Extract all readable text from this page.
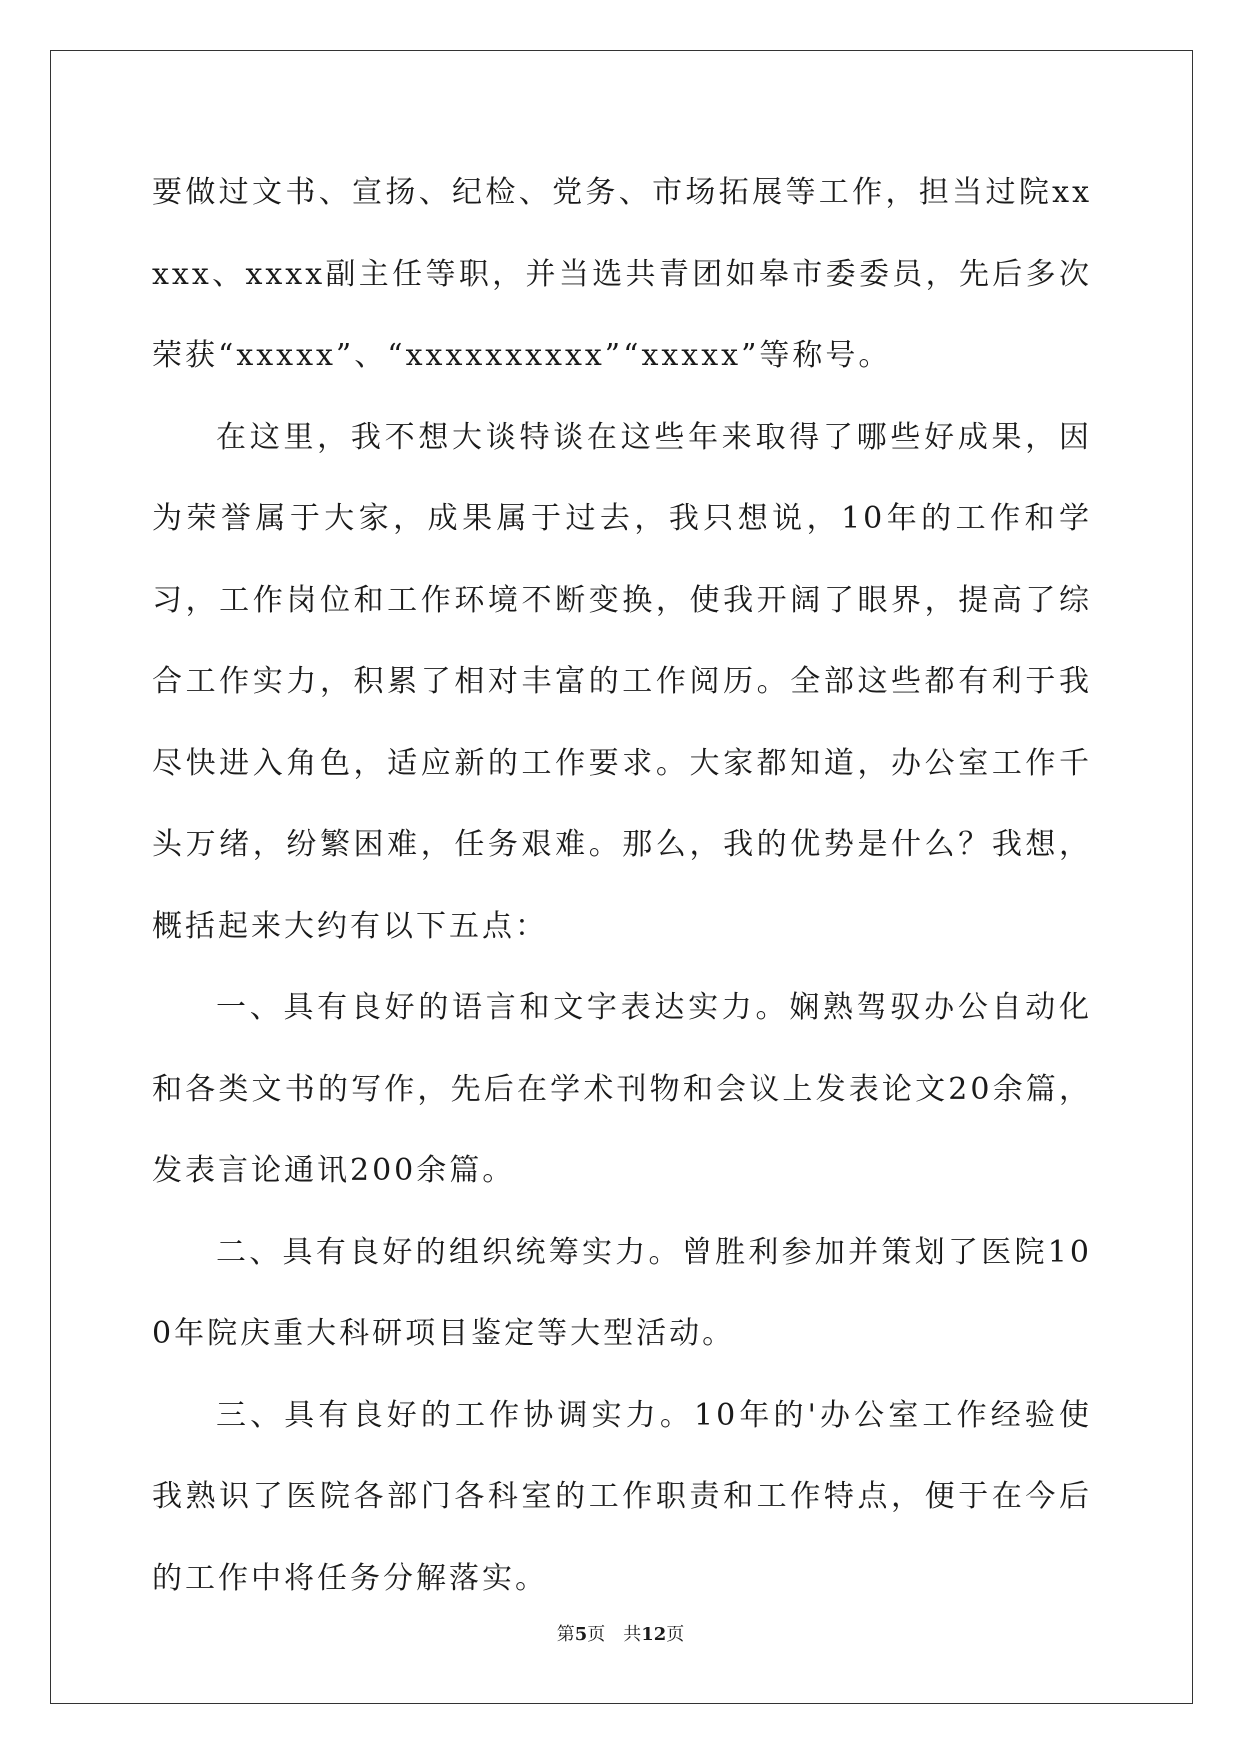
要做过文书、宣扬、纪检、党务、市场拓展等工作，担当过院xxxxx、xxxx副主任等职，并当选共青团如皋市委委员，先后多次荣获“xxxxx”、“xxxxxxxxxx”“xxxxx”等称号。

在这里，我不想大谈特谈在这些年来取得了哪些好成果，因为荣誉属于大家，成果属于过去，我只想说，10年的工作和学习，工作岗位和工作环境不断变换，使我开阔了眼界，提高了综合工作实力，积累了相对丰富的工作阅历。全部这些都有利于我尽快进入角色，适应新的工作要求。大家都知道，办公室工作千头万绪，纷繁困难，任务艰难。那么，我的优势是什么？我想，概括起来大约有以下五点：

一、具有良好的语言和文字表达实力。娴熟驾驭办公自动化和各类文书的写作，先后在学术刊物和会议上发表论文20余篇，发表言论通讯200余篇。

二、具有良好的组织统筹实力。曾胜利参加并策划了医院100年院庆重大科研项目鉴定等大型活动。

三、具有良好的工作协调实力。10年的'办公室工作经验使我熟识了医院各部门各科室的工作职责和工作特点，便于在今后的工作中将任务分解落实。

第5页　共12页
